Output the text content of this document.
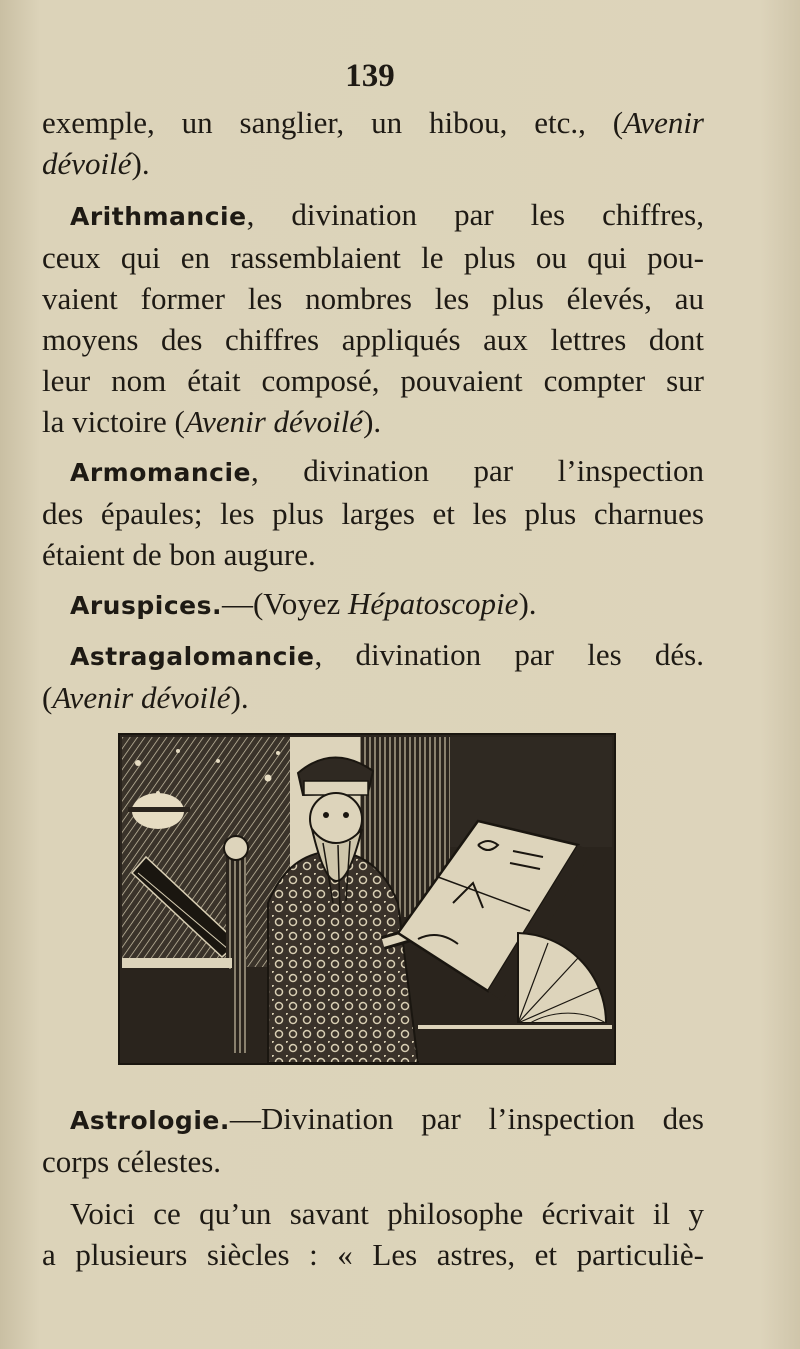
139
exemple, un sanglier, un hibou, etc., (Avenir
dévoilé).
Arithmancie, divination par les chiffres,
ceux qui en rassemblaient le plus ou qui pou-
vaient former les nombres les plus élevés, au
moyens des chiffres appliqués aux lettres dont
leur nom était composé, pouvaient compter sur
la victoire (Avenir dévoilé).
Armomancie, divination par l’inspection
des épaules; les plus larges et les plus charnues
étaient de bon augure.
Aruspices.—(Voyez Hépatoscopie).
Astragalomancie, divination par les dés.
(Avenir dévoilé).
Astrologie.—Divination par l’inspection des
corps célestes.
Voici ce qu’un savant philosophe écrivait il y
a plusieurs siècles : « Les astres, et particuliè-
